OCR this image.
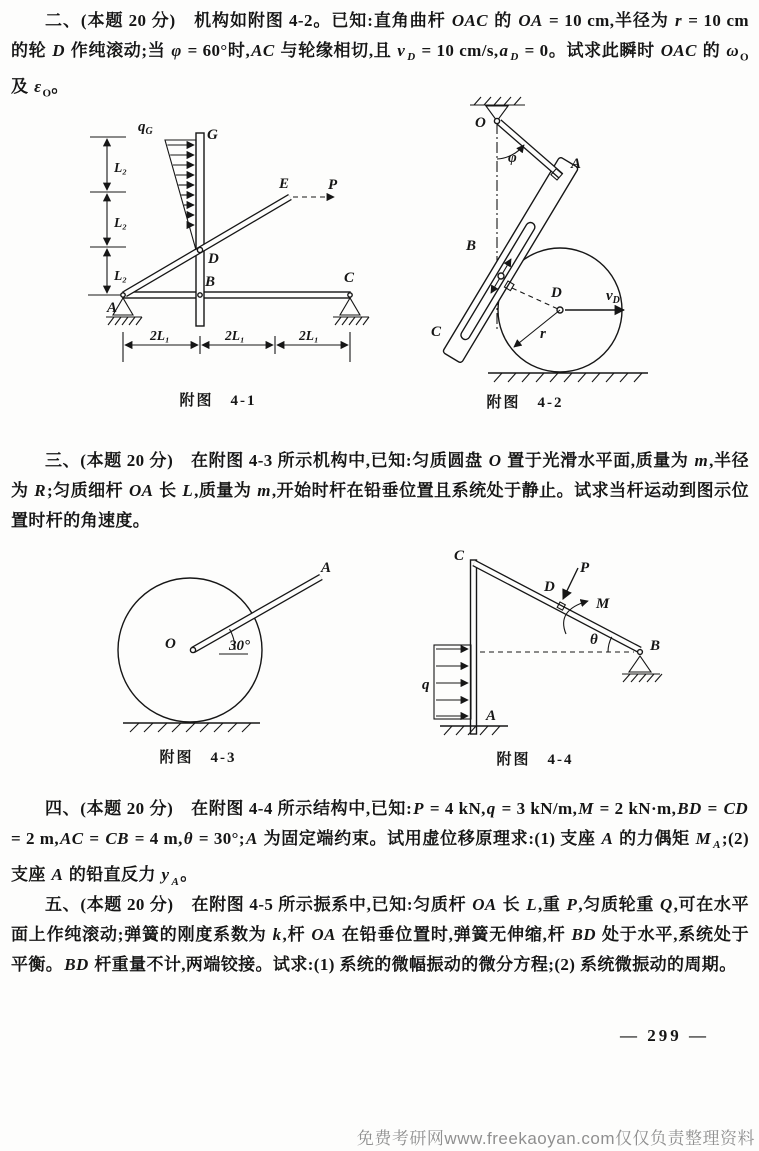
二、(本题 20 分)　机构如附图 4-2。已知:直角曲杆 OAC 的 OA = 10 cm,半径为 r = 10 cm 的轮 D 作纯滚动;当 φ = 60°时,AC 与轮缘相切,且 v $_D$ = 10 cm/s,a $_D$ = 0。试求此瞬时 OAC 的 $\omega_O$ 及 $\varepsilon_O$。
L₂
L₂
L₂
$q_G$
P
2L₁	2L₁	2L₁
G
E
D
B	C
A
附图　4-1
φ
$v_D$
r
D
O
A
B
C
附图　4-2
三、(本题 20 分)　在附图 4-3 所示机构中,已知:匀质圆盘 O 置于光滑水平面,质量为 m,半径为 R;匀质细杆 OA 长 L,质量为 m,开始时杆在铅垂位置且系统处于静止。试求当杆运动到图示位置时杆的角速度。
30°
O
A
附图　4-3
P
D
M
θ
q
A
C
B
附图　4-4
四、(本题 20 分)　在附图 4-4 所示结构中,已知:P = 4 kN,q = 3 kN/m,M = 2 kN·m,BD = CD = 2 m,AC = CB = 4 m,θ = 30°;A 为固定端约束。试用虚位移原理求:(1) 支座 A 的力偶矩 M $_A$;(2) 支座 A 的铅直反力 y $_A$。
五、(本题 20 分)　在附图 4-5 所示振系中,已知:匀质杆 OA 长 L,重 P,匀质轮重 Q,可在水平面上作纯滚动;弹簧的刚度系数为 k,杆 OA 在铅垂位置时,弹簧无伸缩,杆 BD 处于水平,系统处于平衡。BD 杆重量不计,两端铰接。试求:(1) 系统的微幅振动的微分方程;(2) 系统微振动的周期。
— 299 —
免费考研网www.freekaoyan.com仅仅负责整理资料
